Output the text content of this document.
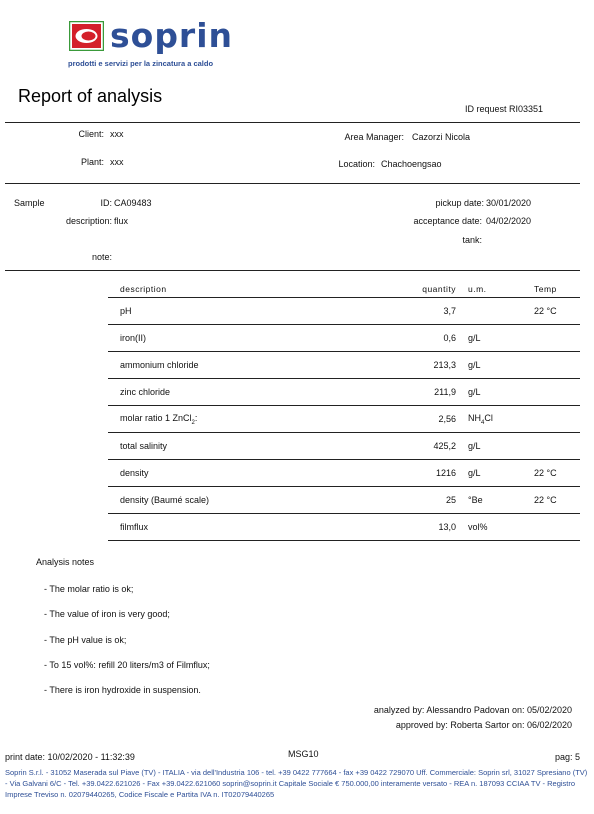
soprin
prodotti e servizi per la zincatura a caldo
Report of analysis
ID request RI03351
Client: xxx
Plant: xxx
Area Manager: Cazorzi Nicola
Location: Chachoengsao
Sample	ID: CA09483
description: flux
note:
pickup date: 30/01/2020
acceptance date: 04/02/2020
tank:
description	quantity	u.m.	Temp
pH	3,7		22 °C
iron(II)	0,6	g/L	
ammonium chloride	213,3	g/L	
zinc chloride	211,9	g/L	
molar ratio 1 ZnCl$_2$:	2,56	$NH_4Cl$	
total salinity	425,2	g/L	
density	1216	g/L	22 °C
density (Baumé scale)	25	°Be	22 °C
filmflux	13,0	vol%	
Analysis notes
- The molar ratio is ok;
- The value of iron is very good;
- The pH value is ok;
- To 15 vol%: refill 20 liters/m3 of Filmflux;
- There is iron hydroxide in suspension.
analyzed by: Alessandro Padovan on: 05/02/2020
approved by: Roberta Sartor on: 06/02/2020
print date: 10/02/2020 - 11:32:39	MSG10	pag: 5
Soprin S.r.l. - 31052 Maserada sul Piave (TV) - ITALIA - via dell'Industria 106 - tel. +39 0422 777664 - fax +39 0422 729070 Uff. Commerciale: Soprin srl, 31027 Spresiano (TV) - Via Galvani 6/C - Tel. +39.0422.621026 - Fax +39.0422.621060 soprin@soprin.it Capitale Sociale € 750.000,00 interamente versato - REA n. 187093 CCIAA TV - Registro Imprese Treviso n. 02079440265, Codice Fiscale e Partita IVA n. IT02079440265
